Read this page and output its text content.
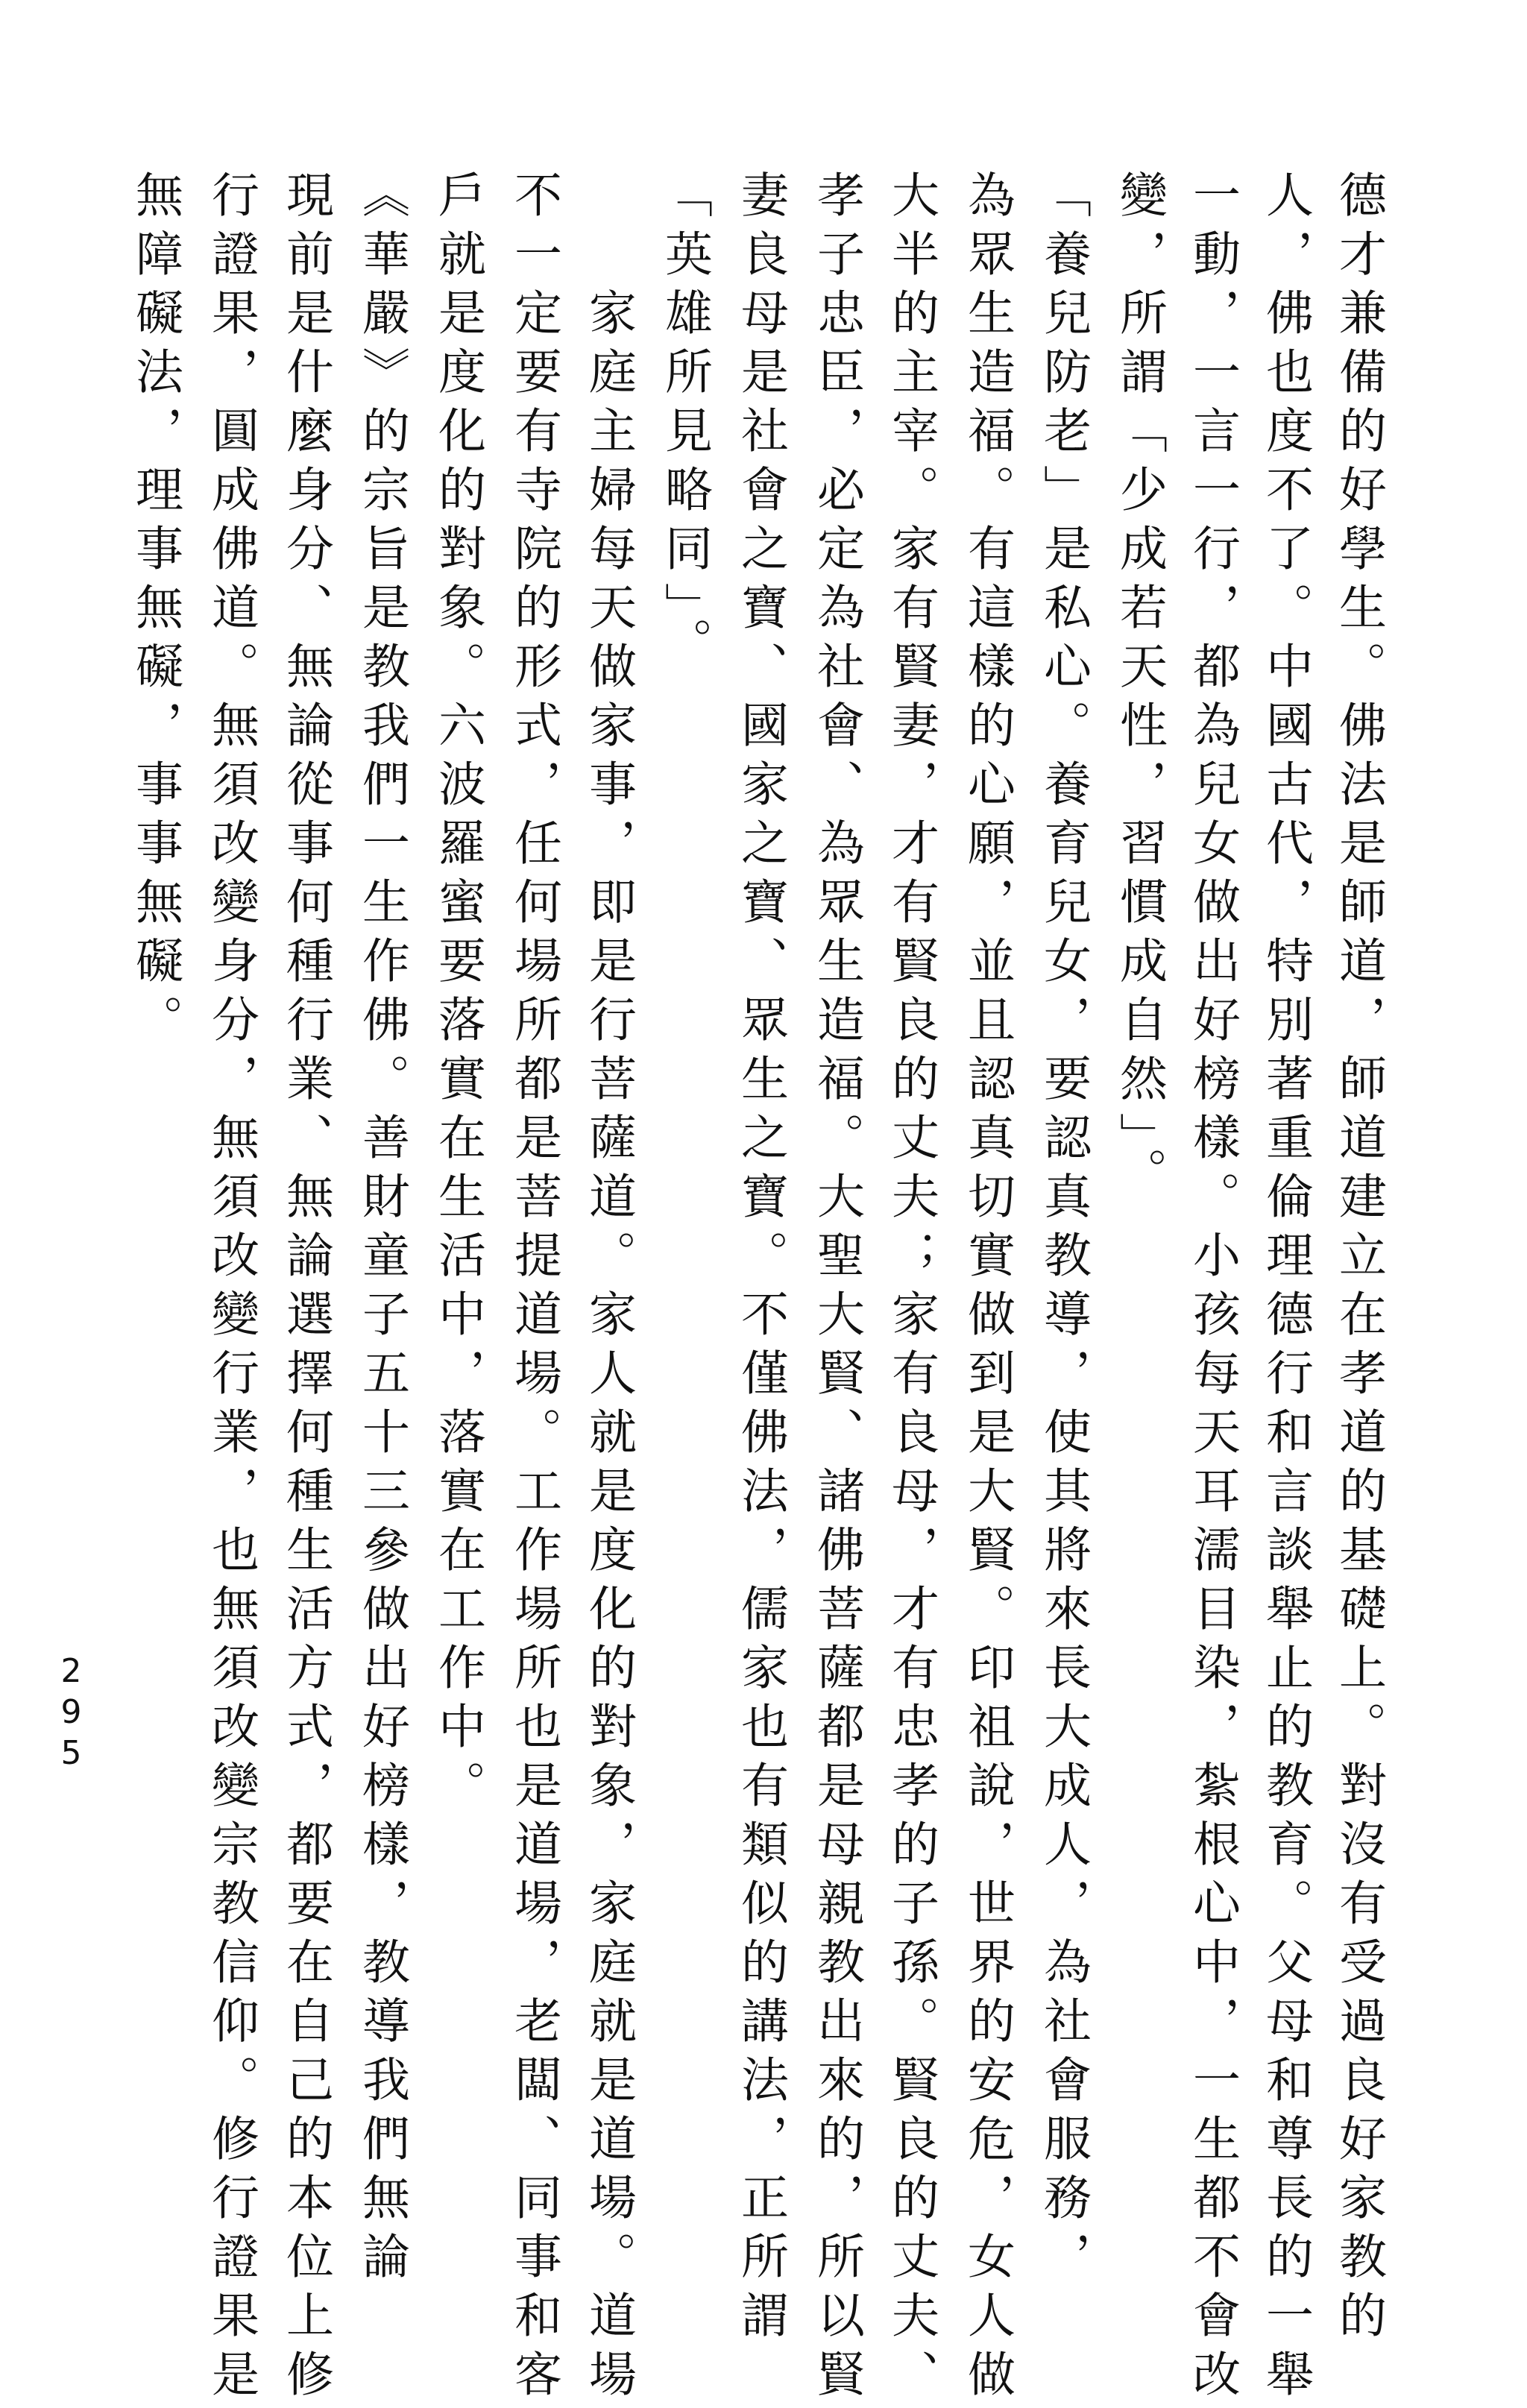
德才兼備的好學生。佛法是師道，師道建立在孝道的基礎上。對沒有受過良好家教的
人，佛也度不了。中國古代，特別著重倫理德行和言談舉止的教育。父母和尊長的一舉
一動，一言一行，都為兒女做出好榜樣。小孩每天耳濡目染，紮根心中，一生都不會改
變，所謂「少成若天性，習慣成自然」。
「養兒防老」是私心。養育兒女，要認真教導，使其將來長大成人，為社會服務，
為眾生造福。有這樣的心願，並且認真切實做到是大賢。印祖說，世界的安危，女人做
大半的主宰。家有賢妻，才有賢良的丈夫；家有良母，才有忠孝的子孫。賢良的丈夫、
孝子忠臣，必定為社會、為眾生造福。大聖大賢、諸佛菩薩都是母親教出來的，所以賢
妻良母是社會之寶、國家之寶、眾生之寶。不僅佛法，儒家也有類似的講法，正所謂
「英雄所見略同」。
家庭主婦每天做家事，即是行菩薩道。家人就是度化的對象，家庭就是道場。道場
不一定要有寺院的形式，任何場所都是菩提道場。工作場所也是道場，老闆、同事和客
戶就是度化的對象。六波羅蜜要落實在生活中，落實在工作中。
《華嚴》的宗旨是教我們一生作佛。善財童子五十三參做出好榜樣，教導我們無論
現前是什麼身分、無論從事何種行業、無論選擇何種生活方式，都要在自己的本位上修
行證果，圓成佛道。無須改變身分，無須改變行業，也無須改變宗教信仰。修行證果是
無障礙法，理事無礙，事事無礙。
295
